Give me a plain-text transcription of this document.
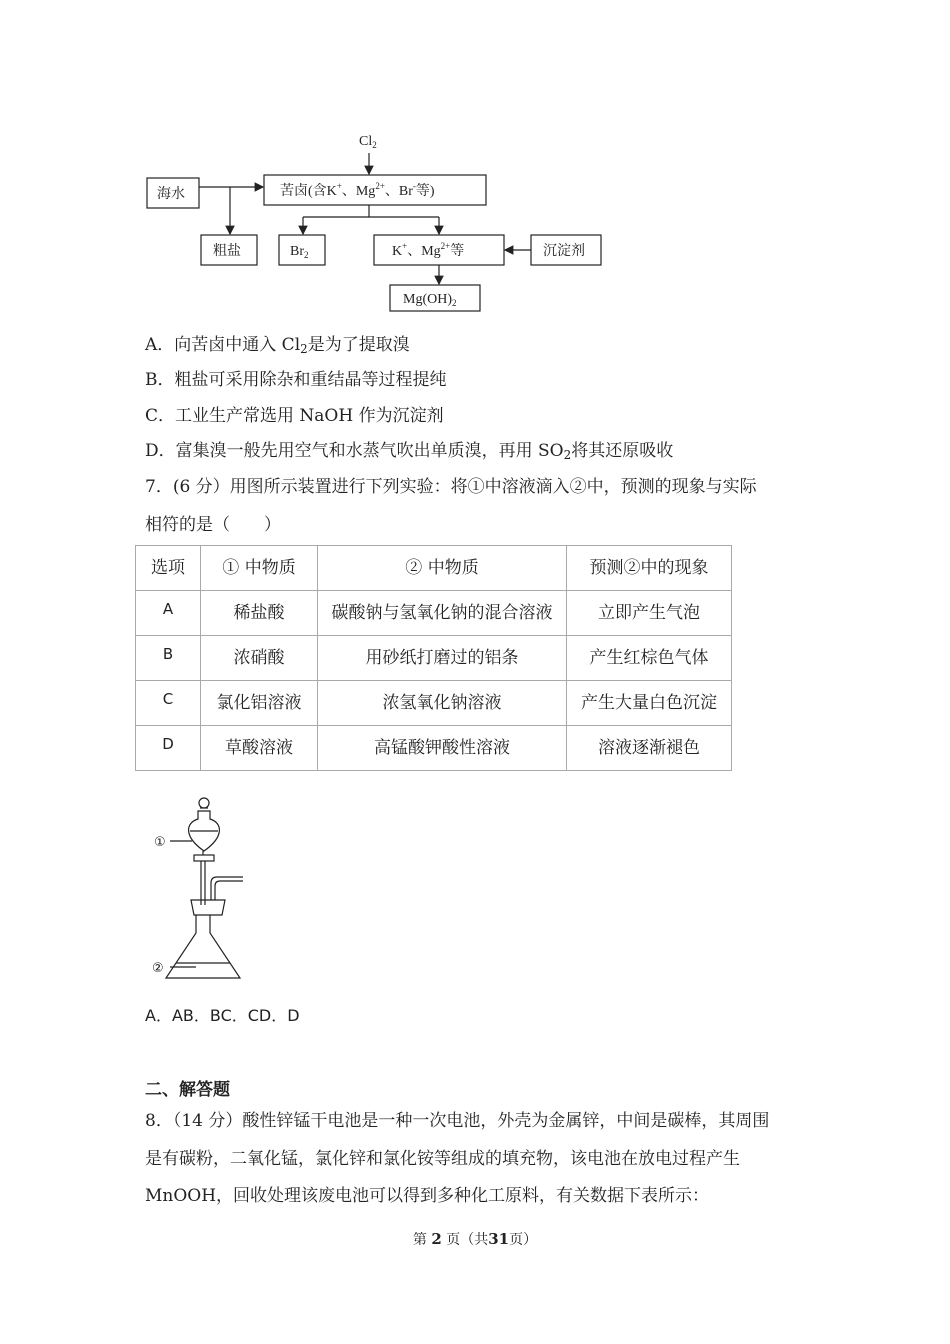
$Cl_2$
海水	苦卤(含K+、$Mg^{2+}$、Br-等)
粗盐	$Br_2$	K+、$Mg^{2+}$等	沉淀剂
$Mg(OH)_2$
A．向苦卤中通入 $Cl_2$是为了提取溴
B．粗盐可采用除杂和重结晶等过程提纯
C．工业生产常选用 NaOH 作为沉淀剂
D．富集溴一般先用空气和水蒸气吹出单质溴，再用 $SO_2$将其还原吸收
7．(6 分）用图所示装置进行下列实验：将①中溶液滴入②中，预测的现象与实际
相符的是（　　）
选项	① 中物质	② 中物质	预测②中的现象
A	稀盐酸	碳酸钠与氢氧化钠的混合溶液	立即产生气泡
B	浓硝酸	用砂纸打磨过的铝条	产生红棕色气体
C	氯化铝溶液	浓氢氧化钠溶液	产生大量白色沉淀
D	草酸溶液	高锰酸钾酸性溶液	溶液逐渐褪色
①
②
A．AB．BC．CD．D
二、解答题
8．（14 分）酸性锌锰干电池是一种一次电池，外壳为金属锌，中间是碳棒，其周围
是有碳粉，二氧化锰，氯化锌和氯化铵等组成的填充物，该电池在放电过程产生
MnOOH，回收处理该废电池可以得到多种化工原料，有关数据下表所示：
第 2 页（共31页）
